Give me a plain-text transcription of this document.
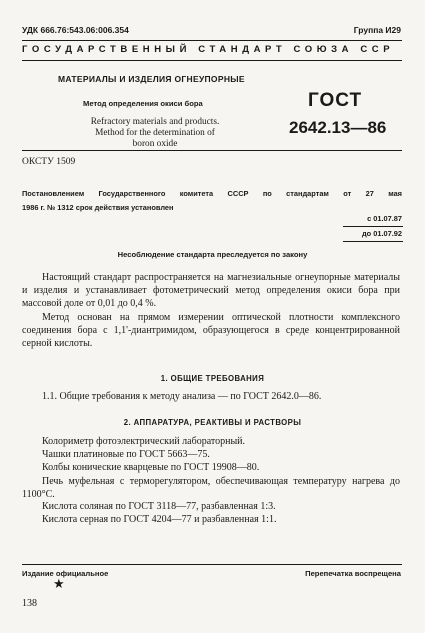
УДК 666.76:543.06:006.354	Группа И29
ГОСУДАРСТВЕННЫЙ СТАНДАРТ СОЮЗА ССР
МАТЕРИАЛЫ И ИЗДЕЛИЯ ОГНЕУПОРНЫЕ
Метод определения окиси бора
Refractory materials and products.
Method for the determination of
boron oxide
ГОСТ
2642.13—86
ОКСТУ 1509
Постановлением Государственного комитета СССР по стандартам от 27 мая
1986 г. № 1312 срок действия установлен
с 01.07.87
до 01.07.92
Несоблюдение стандарта преследуется по закону

Настоящий стандарт распространяется на магнезиальные огнеупорные материалы и изделия и устанавливает фотометрический метод определения окиси бора при массовой доле от 0,01 до 0,4 %.

Метод основан на прямом измерении оптической плотности комплексного соединения бора с 1,1'-диантримидом, образующегося в среде концентрированной серной кислоты.

1. ОБЩИЕ ТРЕБОВАНИЯ
1.1. Общие требования к методу анализа — по ГОСТ 2642.0—86.
2. АППАРАТУРА, РЕАКТИВЫ И РАСТВОРЫ
Колориметр фотоэлектрический лабораторный.
Чашки платиновые по ГОСТ 5663—75.
Колбы конические кварцевые по ГОСТ 19908—80.

Печь муфельная с терморегулятором, обеспечивающая температуру нагрева до 1100°C.

Кислота соляная по ГОСТ 3118—77, разбавленная 1:3.
Кислота серная по ГОСТ 4204—77 и разбавленная 1:1.
Издание официальное	Перепечатка воспрещена
★
138
